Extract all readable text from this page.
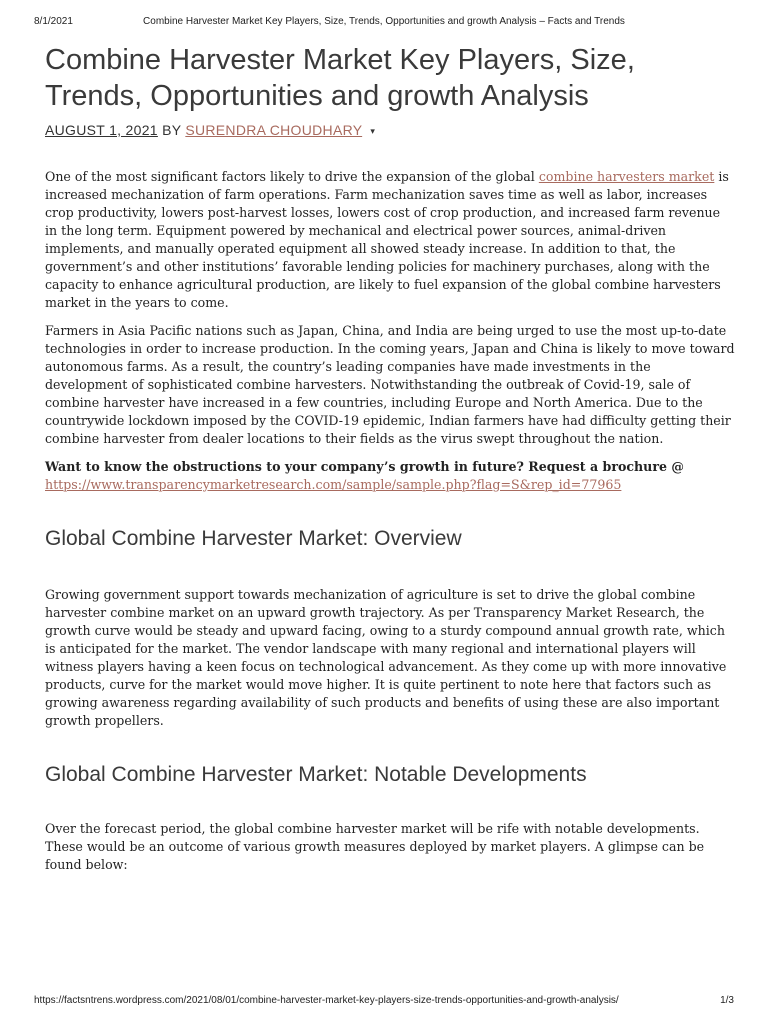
8/1/2021	Combine Harvester Market Key Players, Size, Trends, Opportunities and growth Analysis – Facts and Trends
Combine Harvester Market Key Players, Size, Trends, Opportunities and growth Analysis
AUGUST 1, 2021 BY SURENDRA CHOUDHARY ▾

One of the most significant factors likely to drive the expansion of the global combine harvesters market is increased mechanization of farm operations. Farm mechanization saves time as well as labor, increases crop productivity, lowers post-harvest losses, lowers cost of crop production, and increased farm revenue in the long term. Equipment powered by mechanical and electrical power sources, animal-driven implements, and manually operated equipment all showed steady increase. In addition to that, the government’s and other institutions’ favorable lending policies for machinery purchases, along with the capacity to enhance agricultural production, are likely to fuel expansion of the global combine harvesters market in the years to come.

Farmers in Asia Pacific nations such as Japan, China, and India are being urged to use the most up-to-date technologies in order to increase production. In the coming years, Japan and China is likely to move toward autonomous farms. As a result, the country’s leading companies have made investments in the development of sophisticated combine harvesters. Notwithstanding the outbreak of Covid-19, sale of combine harvester have increased in a few countries, including Europe and North America. Due to the countrywide lockdown imposed by the COVID-19 epidemic, Indian farmers have had difficulty getting their combine harvester from dealer locations to their fields as the virus swept throughout the nation.

Want to know the obstructions to your company’s growth in future? Request a brochure @ https://www.transparencymarketresearch.com/sample/sample.php?flag=S&rep_id=77965

Global Combine Harvester Market: Overview

Growing government support towards mechanization of agriculture is set to drive the global combine harvester combine market on an upward growth trajectory. As per Transparency Market Research, the growth curve would be steady and upward facing, owing to a sturdy compound annual growth rate, which is anticipated for the market. The vendor landscape with many regional and international players will witness players having a keen focus on technological advancement. As they come up with more innovative products, curve for the market would move higher. It is quite pertinent to note here that factors such as growing awareness regarding availability of such products and benefits of using these are also important growth propellers.

Global Combine Harvester Market: Notable Developments

Over the forecast period, the global combine harvester market will be rife with notable developments. These would be an outcome of various growth measures deployed by market players. A glimpse can be found below:

https://factsntrens.wordpress.com/2021/08/01/combine-harvester-market-key-players-size-trends-opportunities-and-growth-analysis/	1/3
